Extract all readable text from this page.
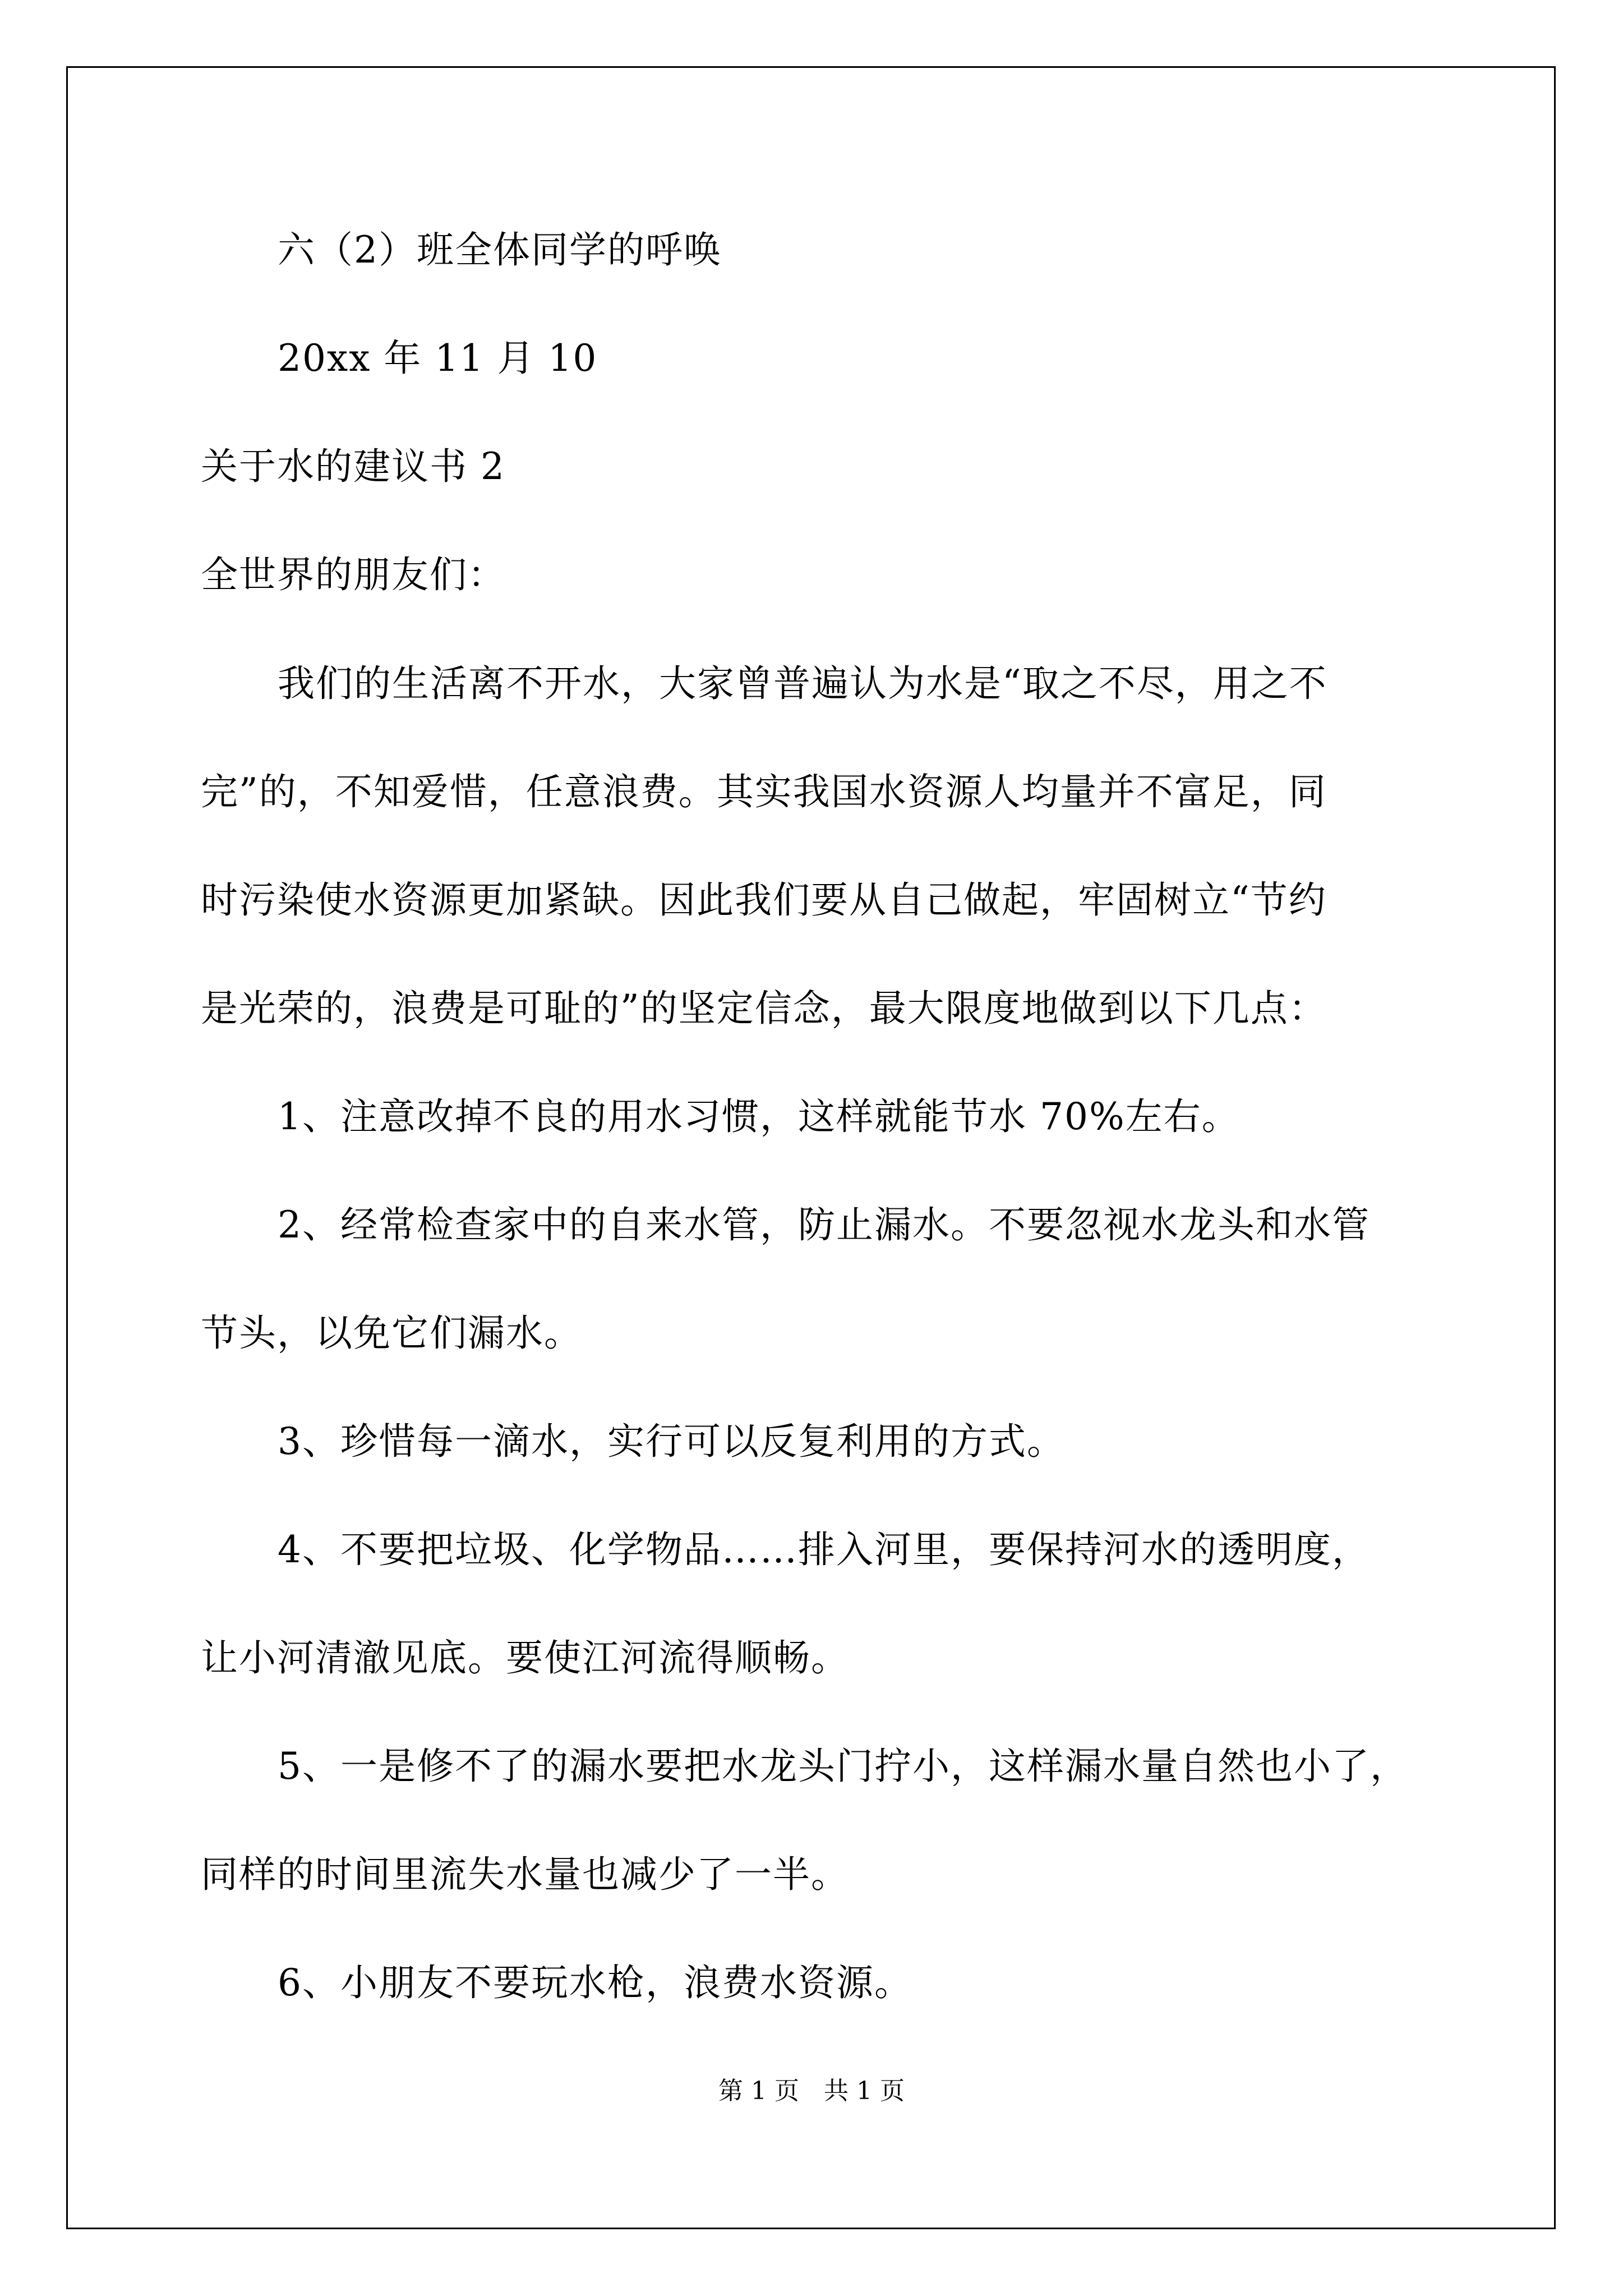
六（2）班全体同学的呼唤
20xx 年 11 月 10
关于水的建议书 2
全世界的朋友们：
我们的生活离不开水，大家曾普遍认为水是“取之不尽，用之不
完”的，不知爱惜，任意浪费。其实我国水资源人均量并不富足，同
时污染使水资源更加紧缺。因此我们要从自己做起，牢固树立“节约
是光荣的，浪费是可耻的”的坚定信念，最大限度地做到以下几点：
1、注意改掉不良的用水习惯，这样就能节水 70%左右。
2、经常检查家中的自来水管，防止漏水。不要忽视水龙头和水管
节头，以免它们漏水。
3、珍惜每一滴水，实行可以反复利用的方式。
4、不要把垃圾、化学物品……排入河里，要保持河水的透明度，
让小河清澈见底。要使江河流得顺畅。
5、一是修不了的漏水要把水龙头门拧小，这样漏水量自然也小了，
同样的时间里流失水量也减少了一半。
6、小朋友不要玩水枪，浪费水资源。
第 1 页　共 1 页
